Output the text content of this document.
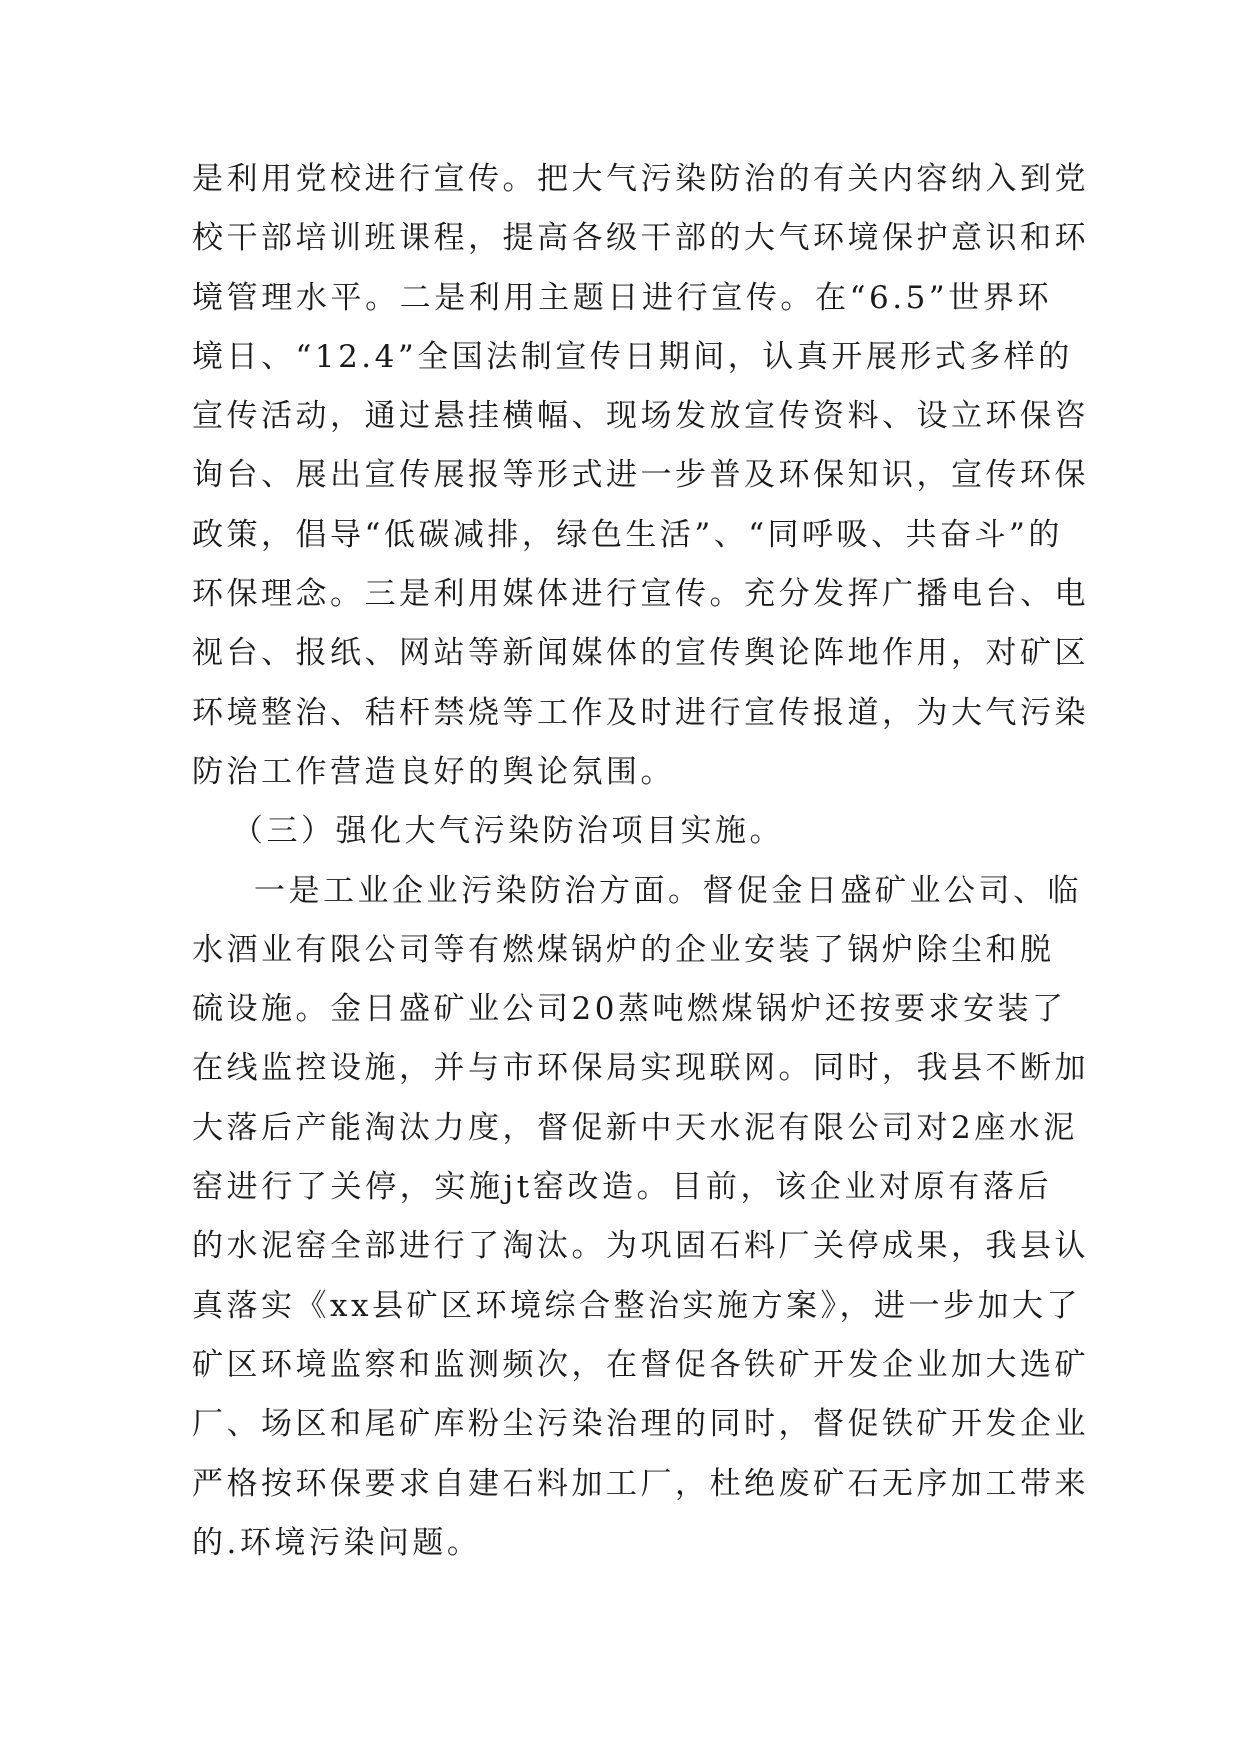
是利用党校进行宣传。把大气污染防治的有关内容纳入到党
校干部培训班课程，提高各级干部的大气环境保护意识和环
境管理水平。二是利用主题日进行宣传。在“6.5”世界环
境日、“12.4”全国法制宣传日期间，认真开展形式多样的
宣传活动，通过悬挂横幅、现场发放宣传资料、设立环保咨
询台、展出宣传展报等形式进一步普及环保知识，宣传环保
政策，倡导“低碳减排，绿色生活”、“同呼吸、共奋斗”的
环保理念。三是利用媒体进行宣传。充分发挥广播电台、电
视台、报纸、网站等新闻媒体的宣传舆论阵地作用，对矿区
环境整治、秸杆禁烧等工作及时进行宣传报道，为大气污染
防治工作营造良好的舆论氛围。
（三）强化大气污染防治项目实施。
一是工业企业污染防治方面。督促金日盛矿业公司、临
水酒业有限公司等有燃煤锅炉的企业安装了锅炉除尘和脱
硫设施。金日盛矿业公司20蒸吨燃煤锅炉还按要求安装了
在线监控设施，并与市环保局实现联网。同时，我县不断加
大落后产能淘汰力度，督促新中天水泥有限公司对2座水泥
窑进行了关停，实施jt窑改造。目前，该企业对原有落后
的水泥窑全部进行了淘汰。为巩固石料厂关停成果，我县认
真落实《xx县矿区环境综合整治实施方案》，进一步加大了
矿区环境监察和监测频次，在督促各铁矿开发企业加大选矿
厂、场区和尾矿库粉尘污染治理的同时，督促铁矿开发企业
严格按环保要求自建石料加工厂，杜绝废矿石无序加工带来
的.环境污染问题。
